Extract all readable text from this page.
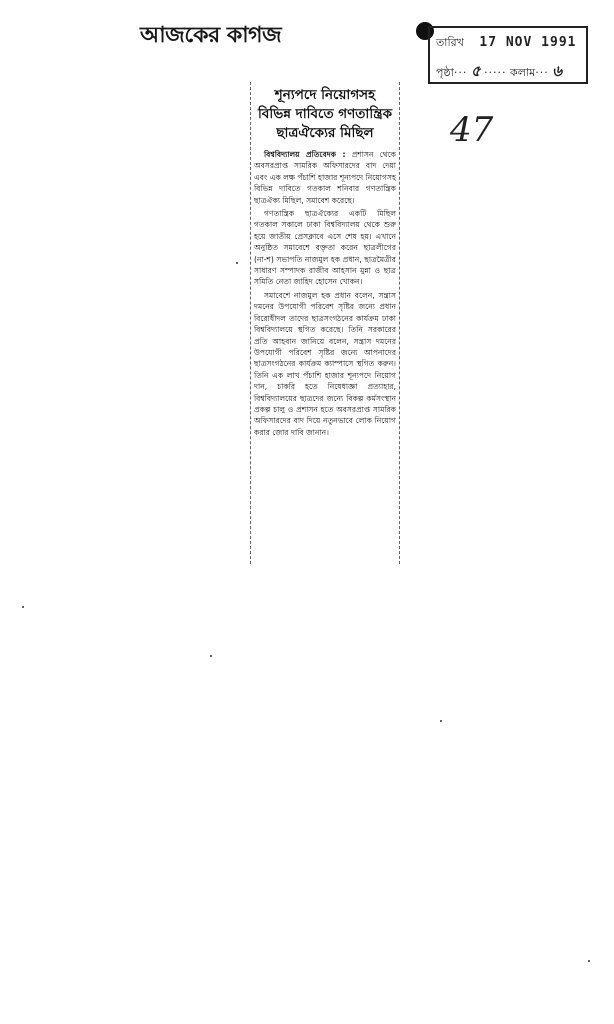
আজকের কাগজ	তারিখ 17 NOV 1991
পৃষ্ঠা··· ৫ ····· কলাম··· ৬
47
শূন্যপদে নিয়োগসহ
বিভিন্ন দাবিতে গণতান্ত্রিক
ছাত্রঐক্যের মিছিল

বিশ্ববিদ্যালয় প্রতিবেদক : প্রশাসন থেকে অবসরপ্রাপ্ত সামরিক অফিসারদের বাদ দেয়া এবং এক লক্ষ পঁচাশি হাজার শূন্যপদে নিয়োগসহ বিভিন্ন দাবিতে গতকাল শনিবার গণতান্ত্রিক ছাত্রঐক্য মিছিল, সমাবেশ করেছে।

গণতান্ত্রিক ছাত্রঐক্যের একটি মিছিল গতকাল সকালে ঢাকা বিশ্ববিদ্যালয় থেকে শুরু হয়ে জাতীয় প্রেসক্লাবে এসে শেষ হয়। এখানে অনুষ্ঠিত সমাবেশে বক্তৃতা করেন ছাত্রলীগের (না-শ) সভাপতি নাজমুল হক প্রধান, ছাত্রমৈত্রীর সাধারণ সম্পাদক রাজীব আহসান মুন্না ও ছাত্র সমিতি নেতা জাহিদ হোসেন খোকন।

সমাবেশে নাজমুল হক প্রধান বলেন, সন্ত্রাস দমনের উপযোগী পরিবেশ সৃষ্টির জন্যে প্রধান বিরোধীদল তাদের ছাত্রসংগঠনের কার্যক্রম ঢাকা বিশ্ববিদ্যালয়ে স্থগিত করেছে। তিনি সরকারের প্রতি আহবান জানিয়ে বলেন, সন্ত্রাস দমনের উপযোগী পরিবেশ সৃষ্টির জন্যে আপনাদের ছাত্রসংগঠনের কার্যক্রম ক্যাম্পাসে স্থগিত করুন। তিনি এক লাখ পঁচাশি হাজার শূন্যপদে নিয়োগ দান, চাকরি হতে নিষেধাজ্ঞা প্রত্যাহার, বিশ্ববিদ্যালয়ের ছাত্রদের জন্যে বিকল্প কর্মসংস্থান প্রকল্প চালু ও প্রশাসন হতে অবসরপ্রাপ্ত সামরিক অফিসারদের বাদ দিয়ে নতুনভাবে লোক নিয়োগ করার জোর দাবি জানান।
